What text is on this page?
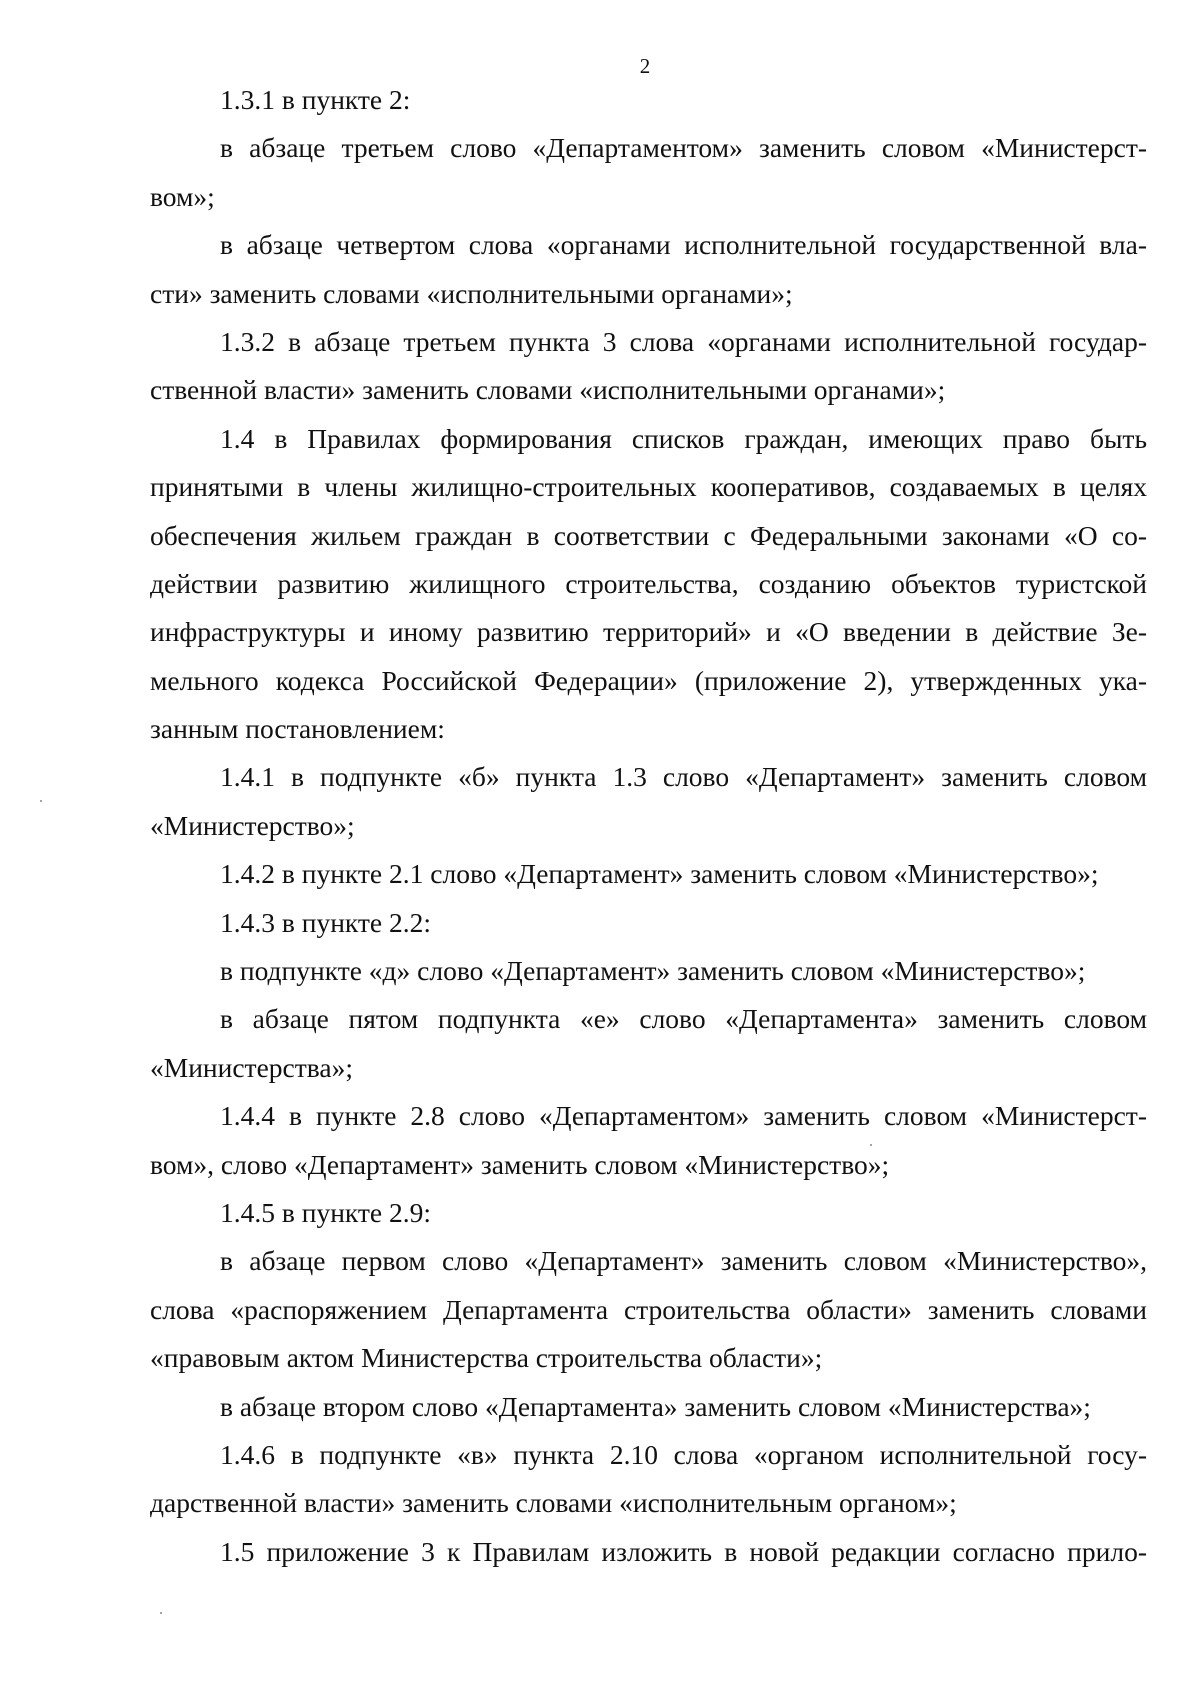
2
1.3.1 в пункте 2:
в абзаце третьем слово «Департаментом» заменить словом «Министерст-
вом»;
в абзаце четвертом слова «органами исполнительной государственной вла-
сти» заменить словами «исполнительными органами»;
1.3.2 в абзаце третьем пункта 3 слова «органами исполнительной государ-
ственной власти» заменить словами «исполнительными органами»;
1.4 в Правилах формирования списков граждан, имеющих право быть
принятыми в члены жилищно-строительных кооперативов, создаваемых в целях
обеспечения жильем граждан в соответствии с Федеральными законами «О со-
действии развитию жилищного строительства, созданию объектов туристской
инфраструктуры и иному развитию территорий» и «О введении в действие Зе-
мельного кодекса Российской Федерации» (приложение 2), утвержденных ука-
занным постановлением:
1.4.1 в подпункте «б» пункта 1.3 слово «Департамент» заменить словом
«Министерство»;
1.4.2 в пункте 2.1 слово «Департамент» заменить словом «Министерство»;
1.4.3 в пункте 2.2:
в подпункте «д» слово «Департамент» заменить словом «Министерство»;
в абзаце пятом подпункта «е» слово «Департамента» заменить словом
«Министерства»;
1.4.4 в пункте 2.8 слово «Департаментом» заменить словом «Министерст-
вом», слово «Департамент» заменить словом «Министерство»;
1.4.5 в пункте 2.9:
в абзаце первом слово «Департамент» заменить словом «Министерство»,
слова «распоряжением Департамента строительства области» заменить словами
«правовым актом Министерства строительства области»;
в абзаце втором слово «Департамента» заменить словом «Министерства»;
1.4.6 в подпункте «в» пункта 2.10 слова «органом исполнительной госу-
дарственной власти» заменить словами «исполнительным органом»;
1.5 приложение 3 к Правилам изложить в новой редакции согласно прило-
